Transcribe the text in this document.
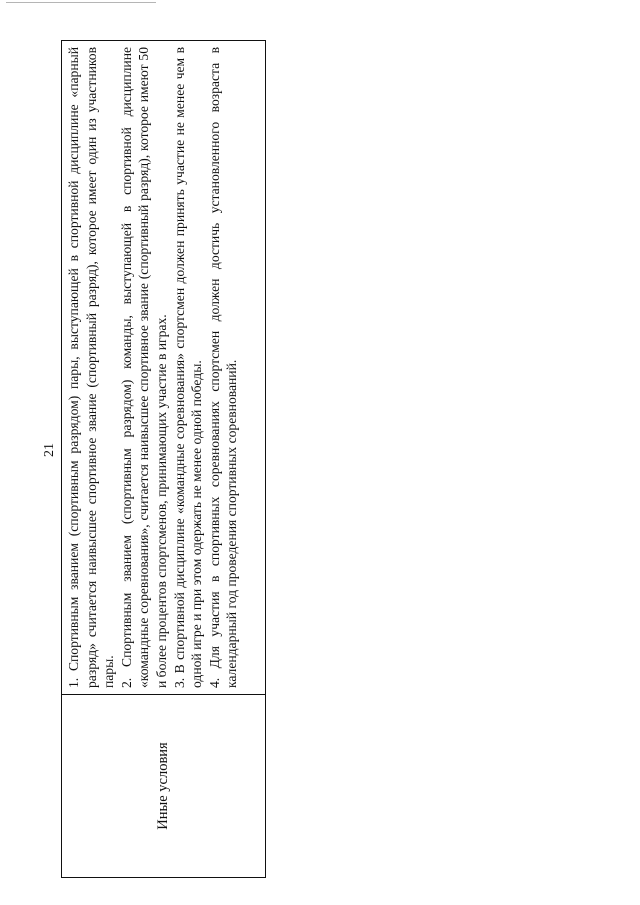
21
Иные условия

1. Спортивным званием (спортивным разрядом) пары, выступающей в спортивной дисциплине «парный разряд» считается наивысшее спортивное звание (спортивный разряд), которое имеет один из участников пары. 2. Спортивным званием (спортивным разрядом) команды, выступающей в спортивной дисциплине «командные соревнования», считается наивысшее спортивное звание (спортивный разряд), которое имеют 50 и более процентов спортсменов, принимающих участие в играх. 3. В спортивной дисциплине «командные соревнования» спортсмен должен принять участие не менее чем в одной игре и при этом одержать не менее одной победы. 4. Для участия в спортивных соревнованиях спортсмен должен достичь установленного возраста в календарный год проведения спортивных соревнований.
